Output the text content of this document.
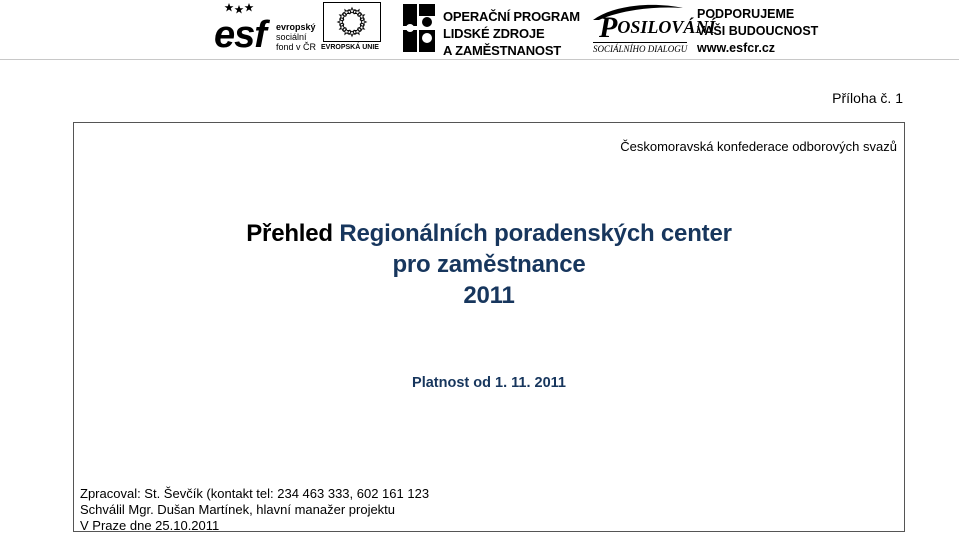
esf evropský
sociální
fond v ČR EVROPSKÁ UNIE
OPERAČNÍ PROGRAM
LIDSKÉ ZDROJE
A ZAMĚSTNANOST
POSILOVÁNÍ
SOCIÁLNÍHO DIALOGU
PODPORUJEME
VAŠI BUDOUCNOST
www.esfcr.cz
Příloha č. 1
Českomoravská konfederace odborových svazů
Přehled Regionálních poradenských center
pro zaměstnance
2011
Platnost od 1. 11. 2011
Zpracoval: St. Ševčík (kontakt tel: 234 463 333, 602 161 123
Schválil Mgr. Dušan Martínek, hlavní manažer projektu
V Praze dne 25.10.2011
